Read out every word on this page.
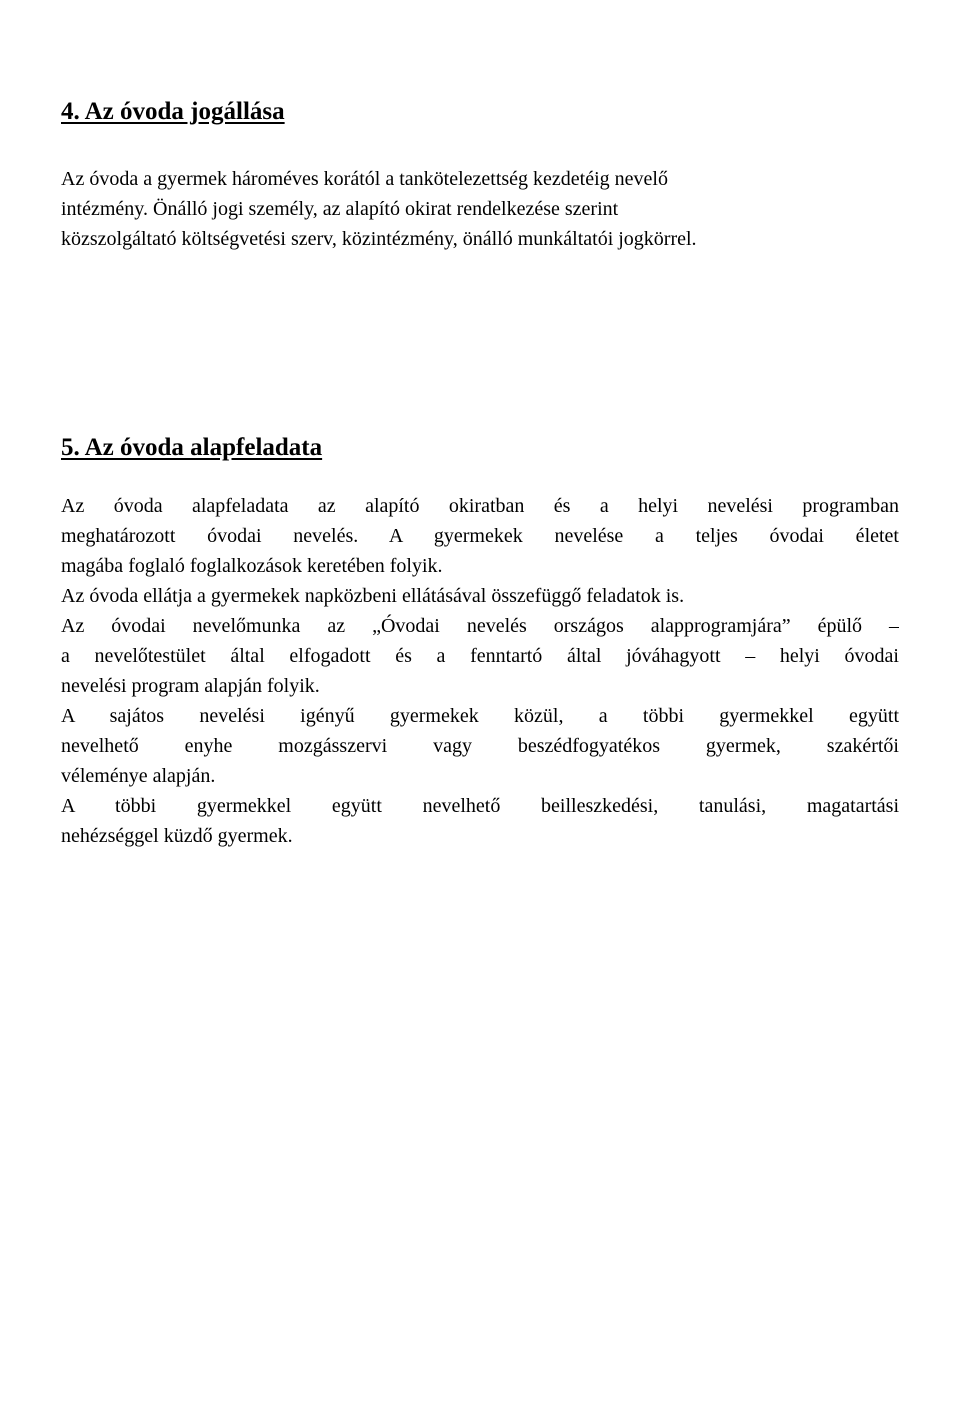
4. Az óvoda jogállása
Az óvoda a gyermek hároméves korától a tankötelezettség kezdetéig nevelő
intézmény. Önálló jogi személy, az alapító okirat rendelkezése szerint
közszolgáltató költségvetési szerv, közintézmény, önálló munkáltatói jogkörrel.
5. Az óvoda alapfeladata
Az óvoda alapfeladata az alapító okiratban és a helyi nevelési programban
meghatározott óvodai nevelés. A gyermekek nevelése a teljes óvodai életet
magába foglaló foglalkozások keretében folyik.
Az óvoda ellátja a gyermekek napközbeni ellátásával összefüggő feladatok is.
Az óvodai nevelőmunka az „Óvodai nevelés országos alapprogramjára” épülő –
a nevelőtestület által elfogadott és a fenntartó által jóváhagyott – helyi óvodai
nevelési program alapján folyik.
A sajátos nevelési igényű gyermekek közül, a többi gyermekkel együtt
nevelhető enyhe mozgásszervi vagy beszédfogyatékos gyermek, szakértői
véleménye alapján.
A többi gyermekkel együtt nevelhető beilleszkedési, tanulási, magatartási
nehézséggel küzdő gyermek.
